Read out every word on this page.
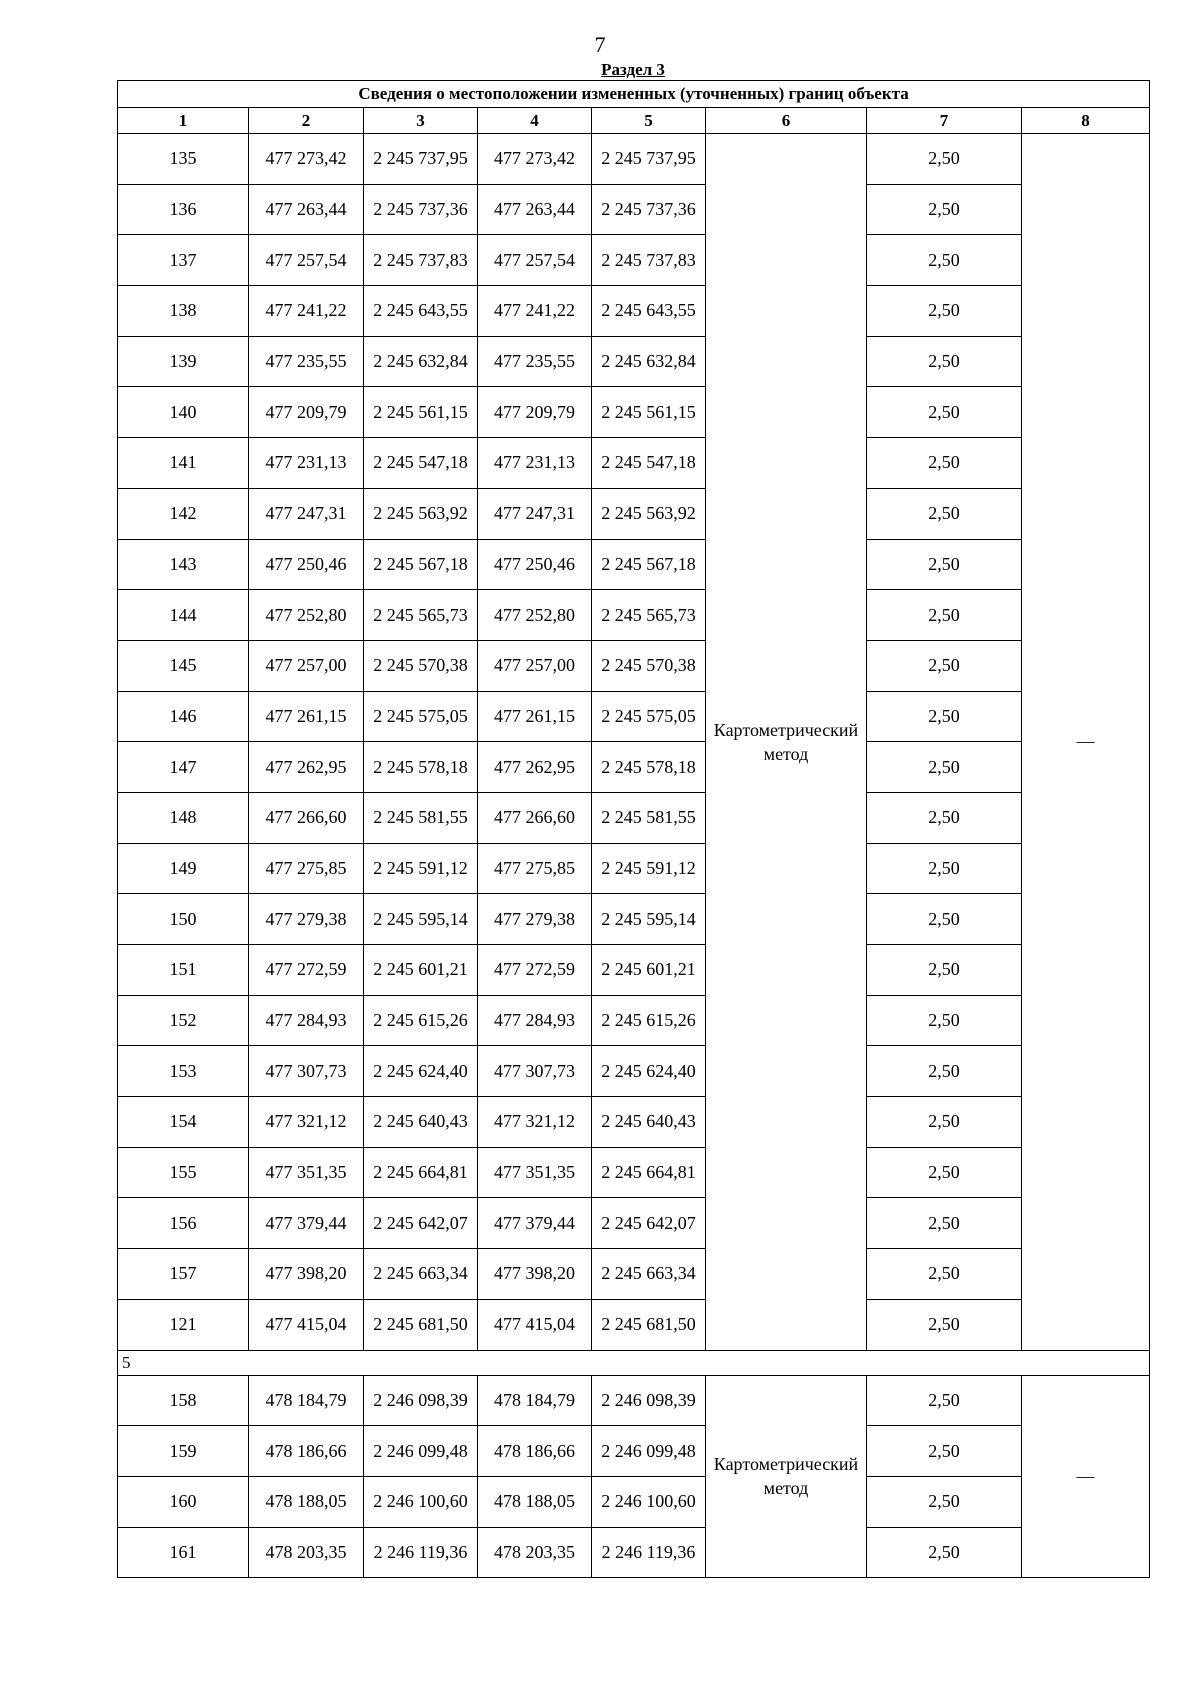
7
Раздел 3
Сведения о местоположении измененных (уточненных) границ объекта							
1	2	3	4	5	6	7	8
135	477 273,42	2 245 737,95	477 273,42	2 245 737,95	Картометрический метод	2,50	—
136	477 263,44	2 245 737,36	477 263,44	2 245 737,36		2,50	
137	477 257,54	2 245 737,83	477 257,54	2 245 737,83		2,50	
138	477 241,22	2 245 643,55	477 241,22	2 245 643,55		2,50	
139	477 235,55	2 245 632,84	477 235,55	2 245 632,84		2,50	
140	477 209,79	2 245 561,15	477 209,79	2 245 561,15		2,50	
141	477 231,13	2 245 547,18	477 231,13	2 245 547,18		2,50	
142	477 247,31	2 245 563,92	477 247,31	2 245 563,92		2,50	
143	477 250,46	2 245 567,18	477 250,46	2 245 567,18		2,50	
144	477 252,80	2 245 565,73	477 252,80	2 245 565,73		2,50	
145	477 257,00	2 245 570,38	477 257,00	2 245 570,38		2,50	
146	477 261,15	2 245 575,05	477 261,15	2 245 575,05		2,50	
147	477 262,95	2 245 578,18	477 262,95	2 245 578,18		2,50	
148	477 266,60	2 245 581,55	477 266,60	2 245 581,55		2,50	
149	477 275,85	2 245 591,12	477 275,85	2 245 591,12		2,50	
150	477 279,38	2 245 595,14	477 279,38	2 245 595,14		2,50	
151	477 272,59	2 245 601,21	477 272,59	2 245 601,21		2,50	
152	477 284,93	2 245 615,26	477 284,93	2 245 615,26		2,50	
153	477 307,73	2 245 624,40	477 307,73	2 245 624,40		2,50	
154	477 321,12	2 245 640,43	477 321,12	2 245 640,43		2,50	
155	477 351,35	2 245 664,81	477 351,35	2 245 664,81		2,50	
156	477 379,44	2 245 642,07	477 379,44	2 245 642,07		2,50	
157	477 398,20	2 245 663,34	477 398,20	2 245 663,34		2,50	
121	477 415,04	2 245 681,50	477 415,04	2 245 681,50		2,50	
5							
158	478 184,79	2 246 098,39	478 184,79	2 246 098,39	Картометрический метод	2,50	—
159	478 186,66	2 246 099,48	478 186,66	2 246 099,48		2,50	
160	478 188,05	2 246 100,60	478 188,05	2 246 100,60		2,50	
161	478 203,35	2 246 119,36	478 203,35	2 246 119,36		2,50	
